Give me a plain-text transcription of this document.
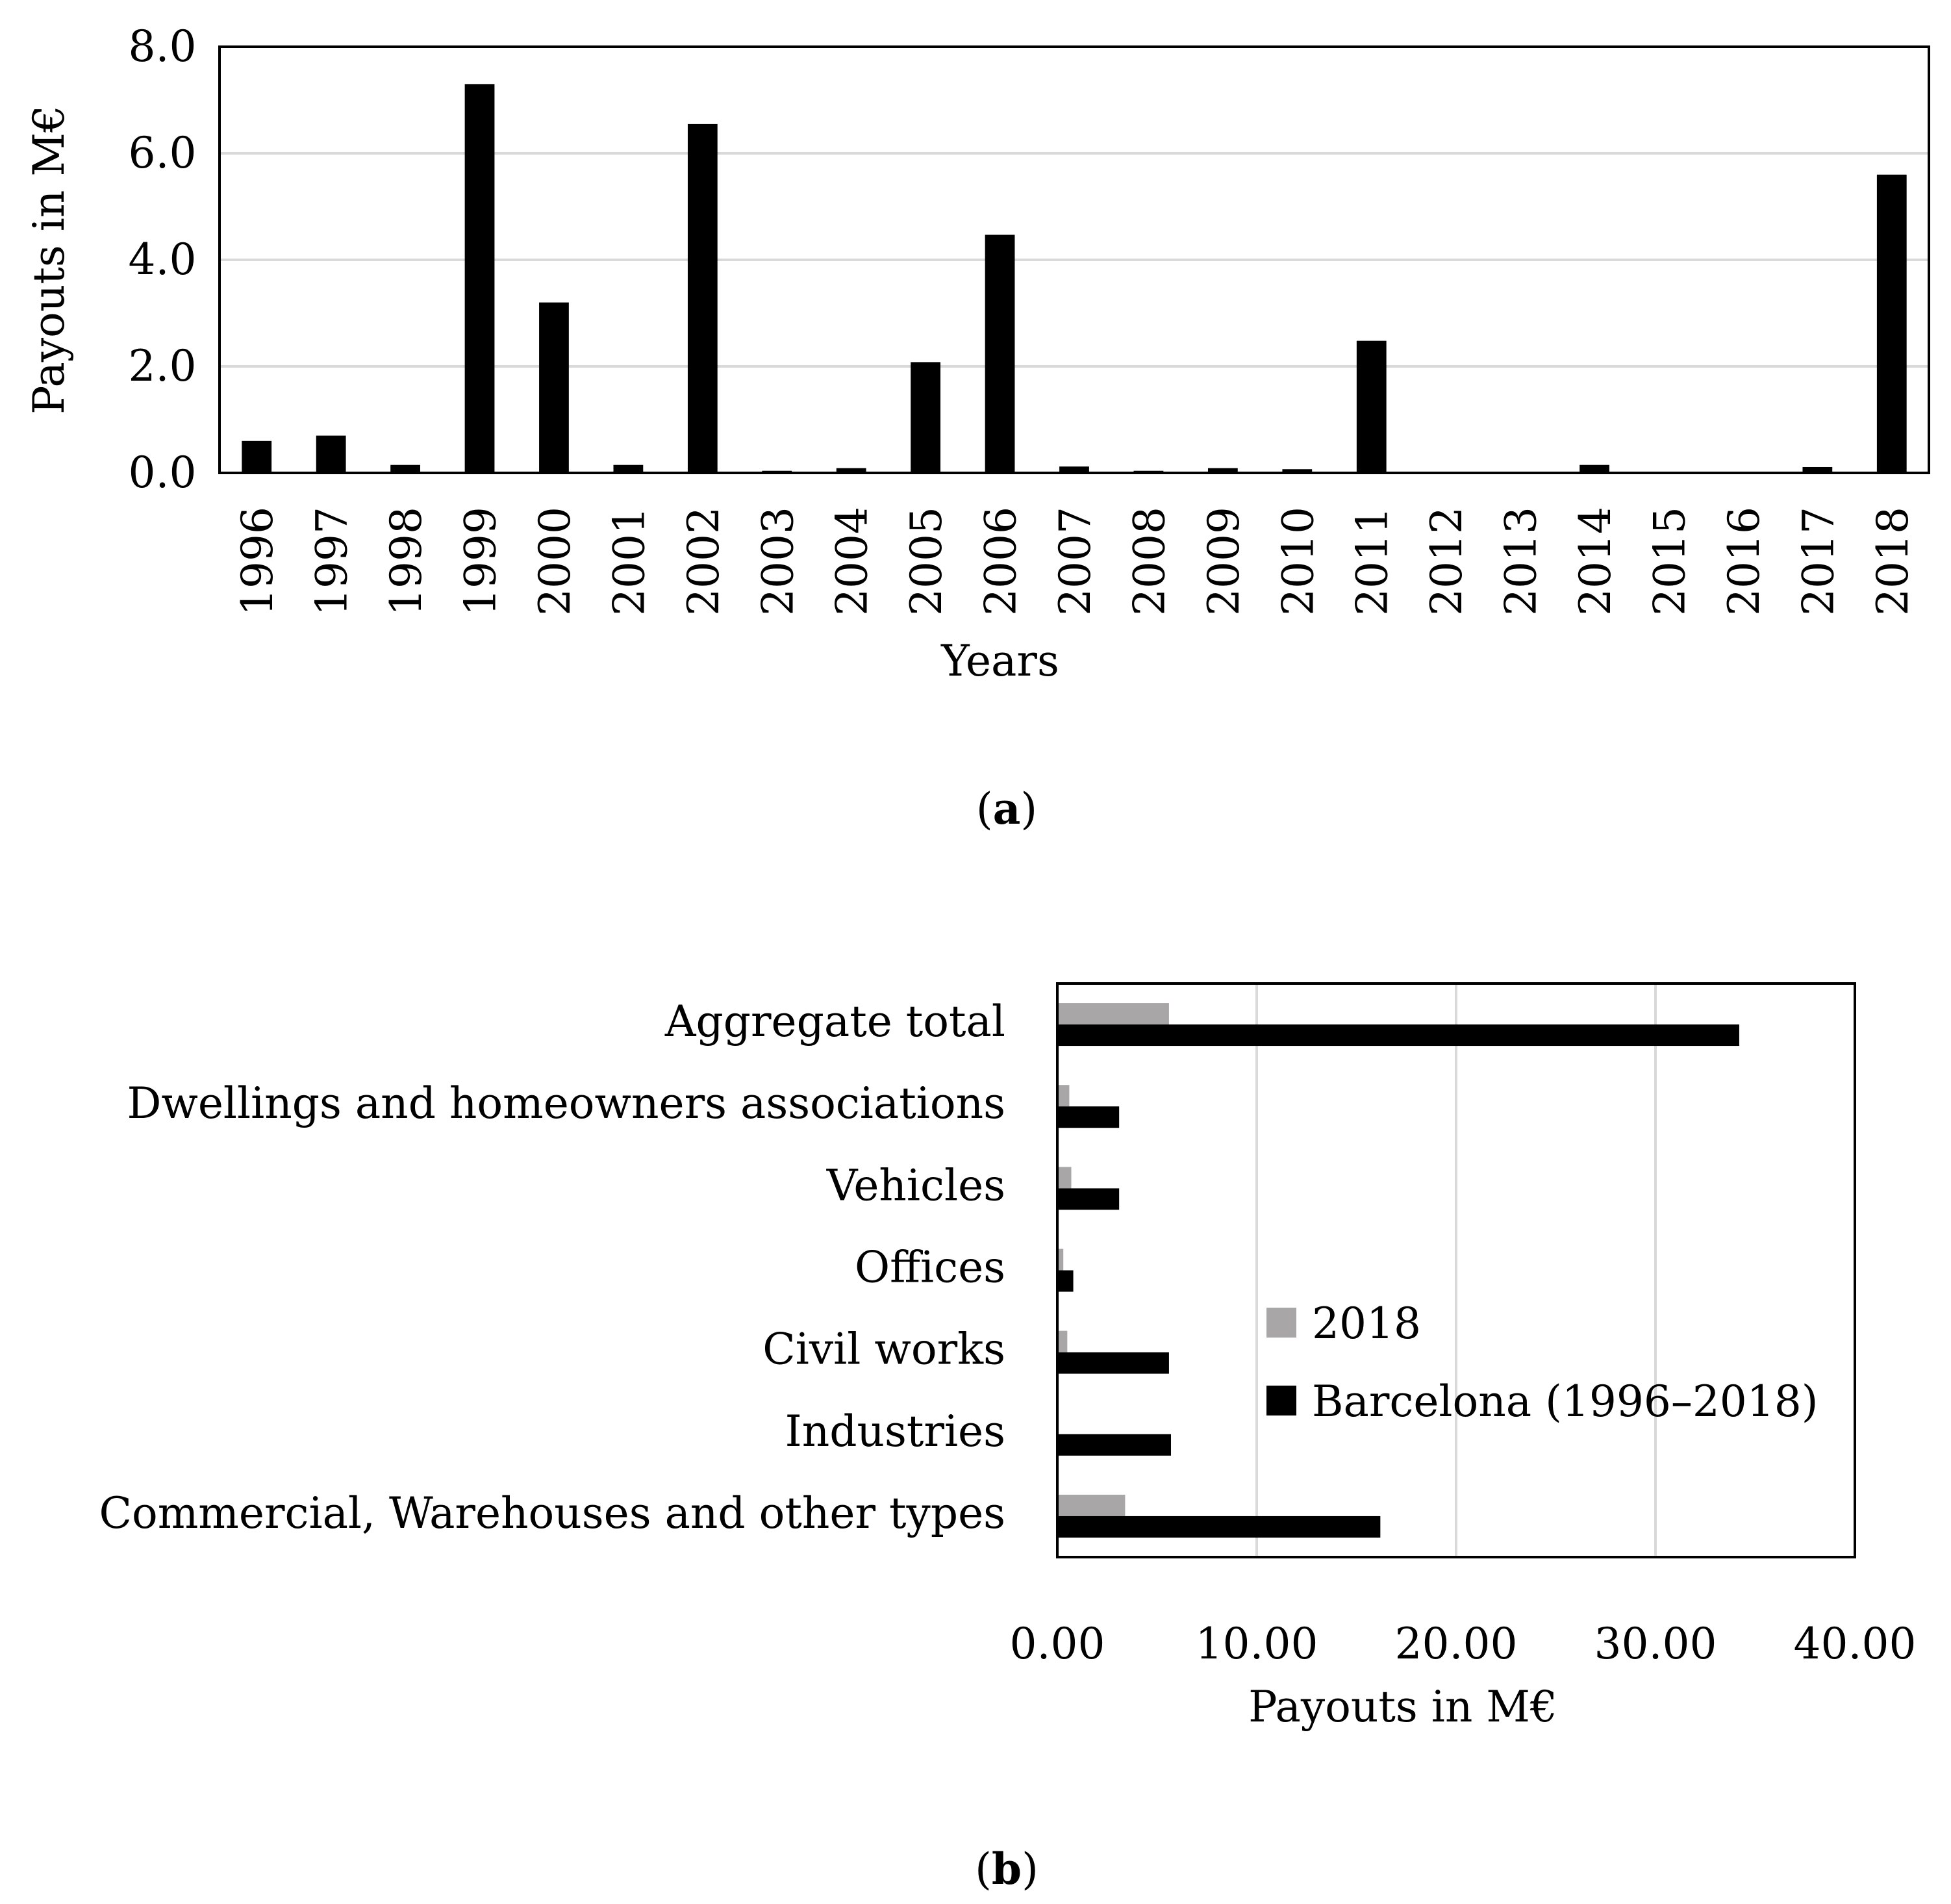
0.0
2.0
4.0
6.0
8.0
1996 1997 1998 1999 2000 2001 2002 2003 2004 2005 2006 2007 2008 2009 2010 2011 2012 2013 2014 2015 2016 2017 2018
Years
Payouts in M€
(a)
Aggregate total
Dwellings and homeowners associations
Vehicles
Offices
Civil works
Industries
Commercial, Warehouses and other types
0.00 10.00 20.00 30.00 40.00
Payouts in M€
2018
Barcelona (1996–2018)
(b)
